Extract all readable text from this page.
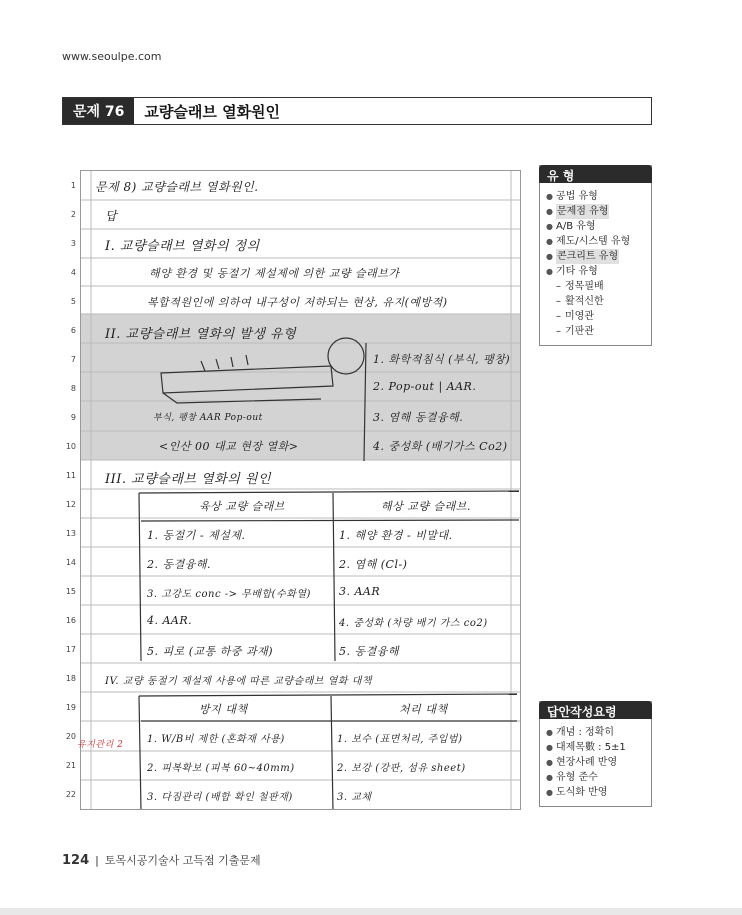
www.seoulpe.com
문제 76	교량슬래브 열화원인
1
2
3
4
5
6
7
8
9
10
11
12
13
14
15
16
17
18
19
20
21
22
문제 8) 교량슬래브 열화원인.
답
I. 교량슬래브 열화의 정의
해양 환경 및 동절기 제설제에 의한 교량 슬래브가
복합적원인에 의하여 내구성이 저하되는 현상, 유지(예방적)
II. 교량슬래브 열화의 발생 유형
1. 화학적침식 (부식, 팽창)
2. Pop-out | AAR.
부식, 팽창 AAR Pop-out	3. 염해 동결융해.
<인산 00 대교 현장 열화>	4. 중성화 (배기가스 Co2)
III. 교량슬래브 열화의 원인
육상 교량 슬래브	해상 교량 슬래브.
1. 동절기 - 제설제.	1. 해양 환경 - 비말대.
2. 동결융해.	2. 염해 (Cl-)
3. 고강도 conc -> 무배합(수화열)	3. AAR
4. AAR.	4. 중성화 (차량 배기 가스 co2)
5. 피로 (교통 하중 과재)	5. 동결융해
IV. 교량 동절기 제설제 사용에 따른 교량슬래브 열화 대책
방지 대책	처리 대책
1. W/B비 제한 (혼화재 사용)	1. 보수 (표면처리, 주입법)
2. 피복확보 (피복 60~40mm)	2. 보강 (강판, 섬유 sheet)
3. 다짐관리 (배합 확인 철판재)	3. 교체
유지관리 2
유 형
● 공법 유형
● 문제점 유형
● A/B 유형
● 제도/시스템 유형
● 콘크리트 유형
● 기타 유형
– 정목필배
– 활적신한
– 미영관
– 기판관
답안작성요령
● 개념 : 정확히
● 대제목數 : 5±1
● 현장사례 반영
● 유형 준수
● 도식화 반영
124 | 토목시공기술사 고득점 기출문제
